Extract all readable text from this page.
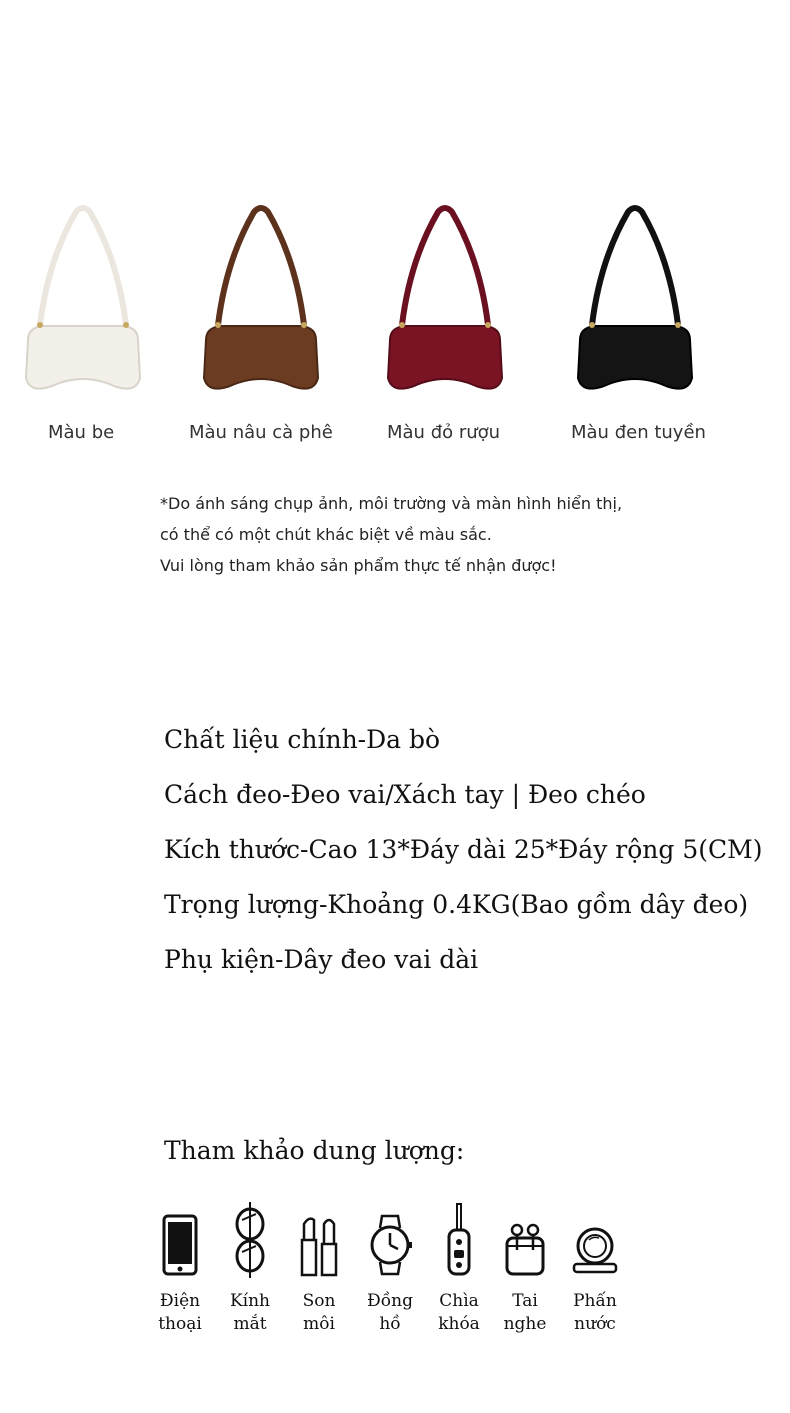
Màu be	Màu nâu cà phê	Màu đỏ rượu	Màu đen tuyền
*Do ánh sáng chụp ảnh, môi trường và màn hình hiển thị,
có thể có một chút khác biệt về màu sắc.
Vui lòng tham khảo sản phẩm thực tế nhận được!
Chất liệu chính-Da bò
Cách đeo-Đeo vai/Xách tay | Đeo chéo
Kích thước-Cao 13*Đáy dài 25*Đáy rộng 5(CM)
Trọng lượng-Khoảng 0.4KG(Bao gồm dây đeo)
Phụ kiện-Dây đeo vai dài
Tham khảo dung lượng:
Điện
thoại
Kính
mắt
Son
môi
Đồng
hồ
Chìa
khóa
Tai
nghe
Phấn
nước
